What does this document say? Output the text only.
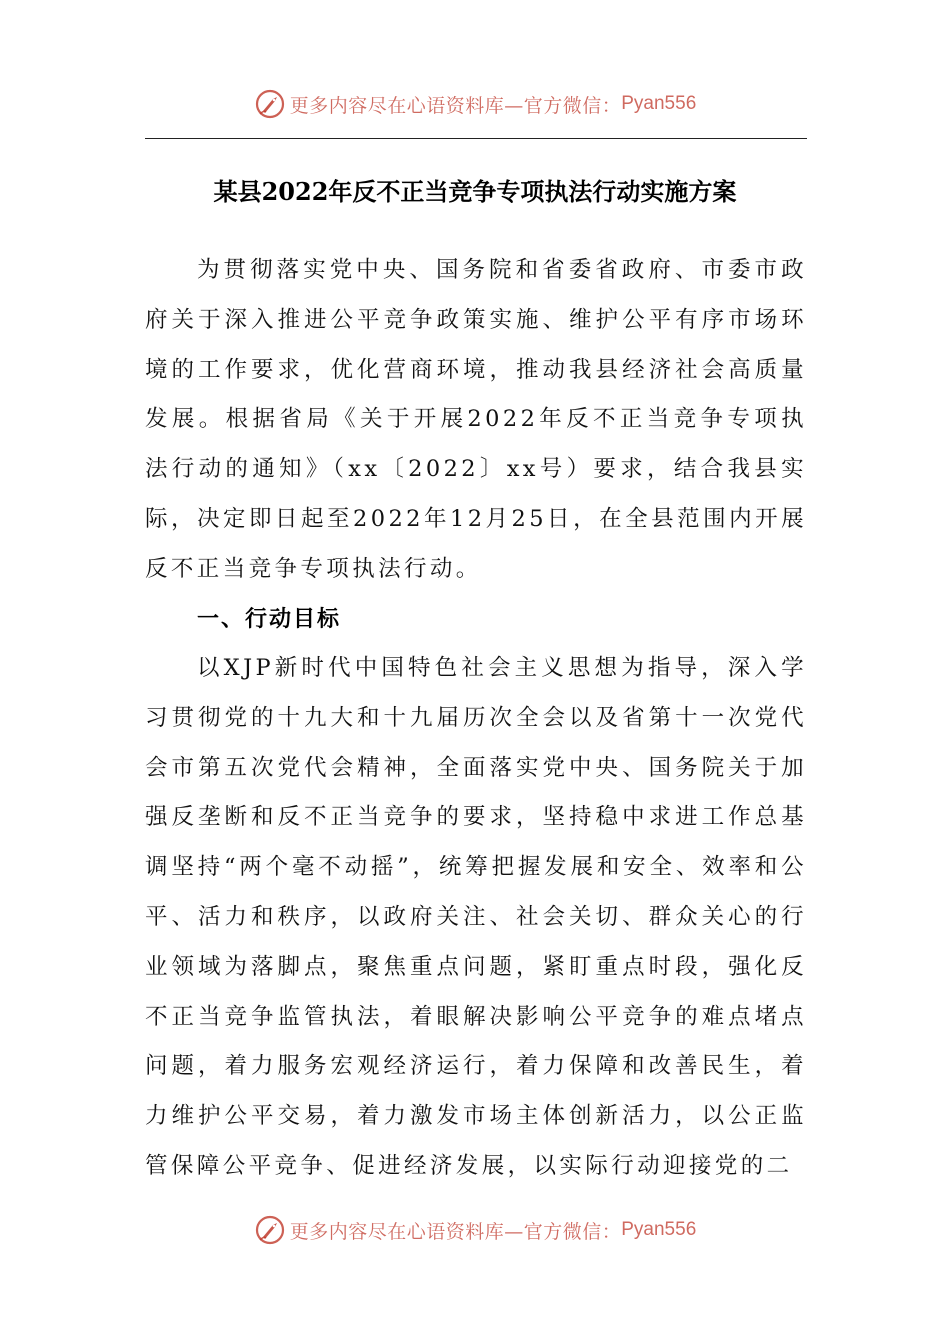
更多内容尽在心语资料库—官方微信： Pyan556
某县2022年反不正当竞争专项执法行动实施方案
为贯彻落实党中央、国务院和省委省政府、市委市政府关于深入推进公平竞争政策实施、维护公平有序市场环境的工作要求，优化营商环境，推动我县经济社会高质量发展。根据省局《关于开展2022年反不正当竞争专项执法行动的通知》（xx〔2022〕xx号）要求，结合我县实际，决定即日起至2022年12月25日，在全县范围内开展反不正当竞争专项执法行动。
一、行动目标
以XJP新时代中国特色社会主义思想为指导，深入学习贯彻党的十九大和十九届历次全会以及省第十一次党代会市第五次党代会精神，全面落实党中央、国务院关于加强反垄断和反不正当竞争的要求，坚持稳中求进工作总基调坚持“两个毫不动摇”，统筹把握发展和安全、效率和公平、活力和秩序，以政府关注、社会关切、群众关心的行业领域为落脚点，聚焦重点问题，紧盯重点时段，强化反不正当竞争监管执法，着眼解决影响公平竞争的难点堵点问题，着力服务宏观经济运行，着力保障和改善民生，着力维护公平交易，着力激发市场主体创新活力，以公正监管保障公平竞争、促进经济发展，以实际行动迎接党的二
更多内容尽在心语资料库—官方微信： Pyan556
